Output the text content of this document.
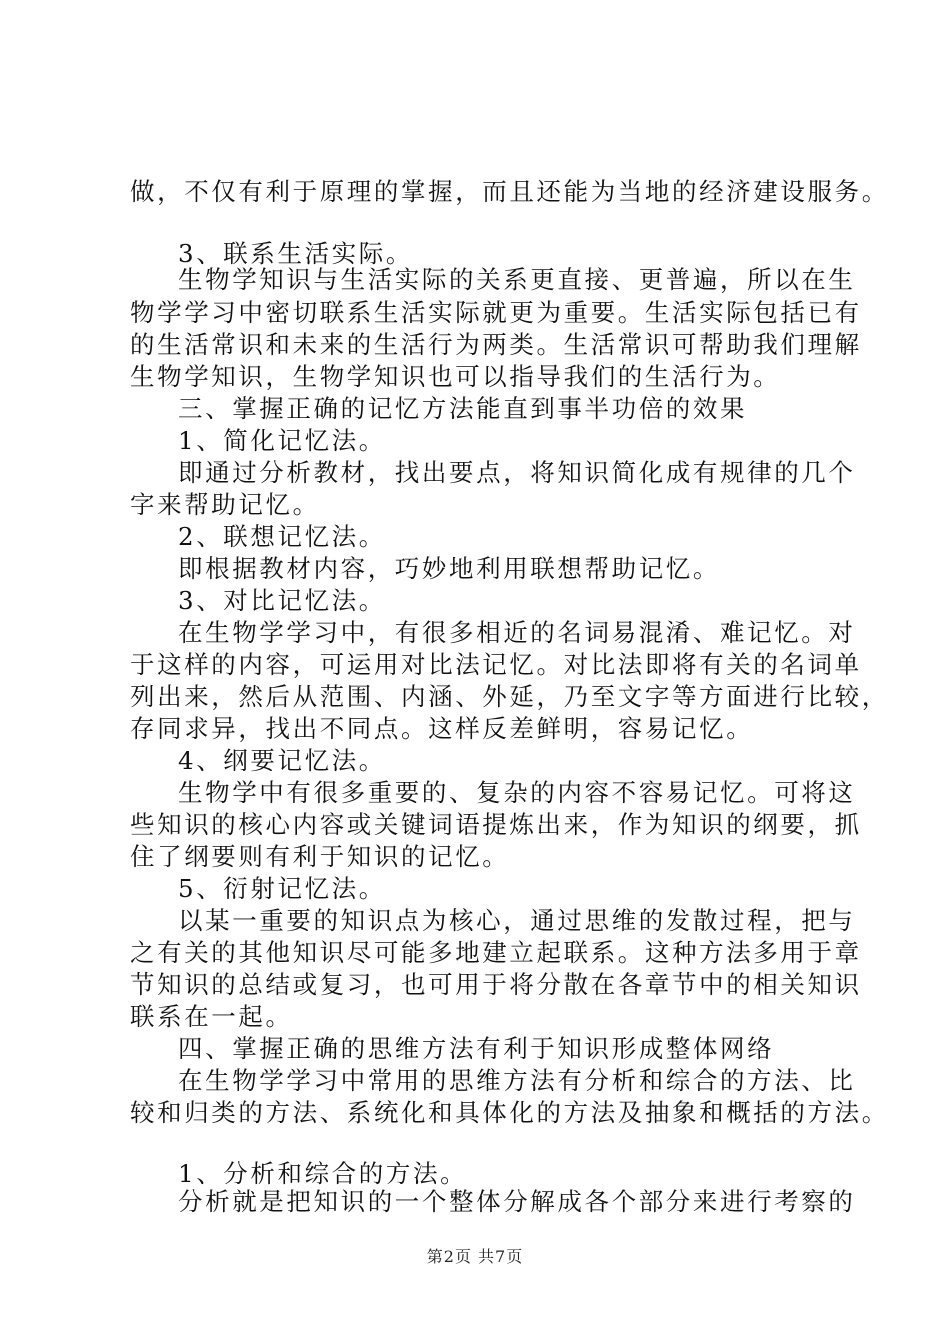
做，不仅有利于原理的掌握，而且还能为当地的经济建设服务。
3、联系生活实际。
生物学知识与生活实际的关系更直接、更普遍，所以在生
物学学习中密切联系生活实际就更为重要。生活实际包括已有
的生活常识和未来的生活行为两类。生活常识可帮助我们理解
生物学知识，生物学知识也可以指导我们的生活行为。
三、掌握正确的记忆方法能直到事半功倍的效果
1、简化记忆法。
即通过分析教材，找出要点，将知识简化成有规律的几个
字来帮助记忆。
2、联想记忆法。
即根据教材内容，巧妙地利用联想帮助记忆。
3、对比记忆法。
在生物学学习中，有很多相近的名词易混淆、难记忆。对
于这样的内容，可运用对比法记忆。对比法即将有关的名词单
列出来，然后从范围、内涵、外延，乃至文字等方面进行比较，
存同求异，找出不同点。这样反差鲜明，容易记忆。
4、纲要记忆法。
生物学中有很多重要的、复杂的内容不容易记忆。可将这
些知识的核心内容或关键词语提炼出来，作为知识的纲要，抓
住了纲要则有利于知识的记忆。
5、衍射记忆法。
以某一重要的知识点为核心，通过思维的发散过程，把与
之有关的其他知识尽可能多地建立起联系。这种方法多用于章
节知识的总结或复习，也可用于将分散在各章节中的相关知识
联系在一起。
四、掌握正确的思维方法有利于知识形成整体网络
在生物学学习中常用的思维方法有分析和综合的方法、比
较和归类的方法、系统化和具体化的方法及抽象和概括的方法。
1、分析和综合的方法。
分析就是把知识的一个整体分解成各个部分来进行考察的
第2页 共7页
